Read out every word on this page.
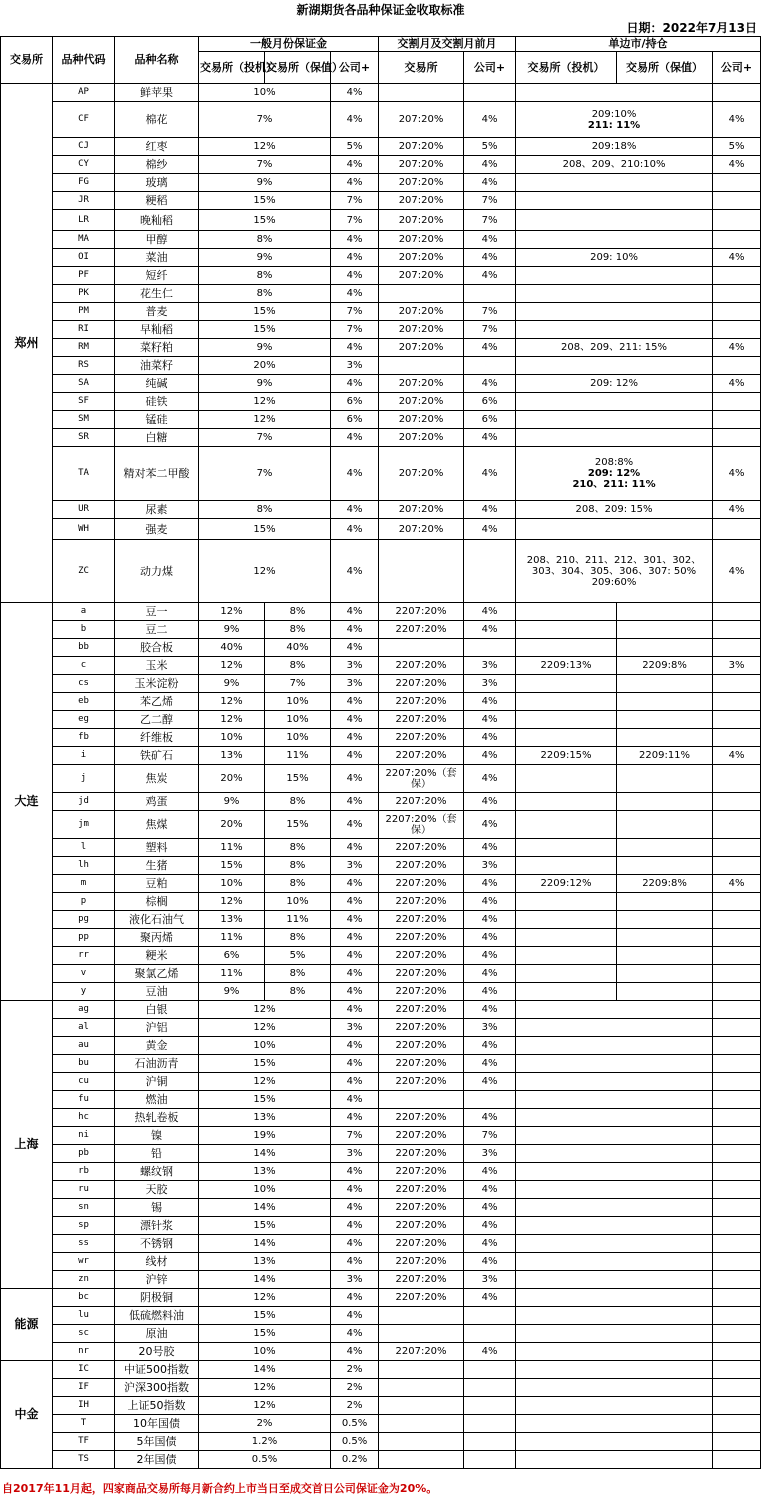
新湖期货各品种保证金收取标准
日期：2022年7月13日
交易所	品种代码	品种名称	一般月份保证金			交割月及交割月前月		单边市/持仓		
			交易所（投机）	交易所（保值）	公司+	交易所	公司+	交易所（投机）	交易所（保值）	公司+
郑州	AP	鲜苹果	10%		4%					
	CF	棉花	7%		4%	207:20%	4%	209:10%
211: 11%		4%
	CJ	红枣	12%		5%	207:20%	5%	209:18%		5%
	CY	棉纱	7%		4%	207:20%	4%	208、209、210:10%		4%
	FG	玻璃	9%		4%	207:20%	4%			
	JR	粳稻	15%		7%	207:20%	7%			
	LR	晚籼稻	15%		7%	207:20%	7%			
	MA	甲醇	8%		4%	207:20%	4%			
	OI	菜油	9%		4%	207:20%	4%	209: 10%		4%
	PF	短纤	8%		4%	207:20%	4%			
	PK	花生仁	8%		4%					
	PM	普麦	15%		7%	207:20%	7%			
	RI	早籼稻	15%		7%	207:20%	7%			
	RM	菜籽粕	9%		4%	207:20%	4%	208、209、211: 15%		4%
	RS	油菜籽	20%		3%					
	SA	纯碱	9%		4%	207:20%	4%	209: 12%		4%
	SF	硅铁	12%		6%	207:20%	6%			
	SM	锰硅	12%		6%	207:20%	6%			
	SR	白糖	7%		4%	207:20%	4%			
	TA	精对苯二甲酸	7%		4%	207:20%	4%	208:8%
209: 12%
210、211: 11%		4%
	UR	尿素	8%		4%	207:20%	4%	208、209: 15%		4%
	WH	强麦	15%		4%	207:20%	4%			
	ZC	动力煤	12%		4%			208、210、211、212、301、302、
303、304、305、306、307: 50%
209:60%		4%
大连	a	豆一	12%	8%	4%	2207:20%	4%			
	b	豆二	9%	8%	4%	2207:20%	4%			
	bb	胶合板	40%	40%	4%					
	c	玉米	12%	8%	3%	2207:20%	3%	2209:13%	2209:8%	3%
	cs	玉米淀粉	9%	7%	3%	2207:20%	3%			
	eb	苯乙烯	12%	10%	4%	2207:20%	4%			
	eg	乙二醇	12%	10%	4%	2207:20%	4%			
	fb	纤维板	10%	10%	4%	2207:20%	4%			
	i	铁矿石	13%	11%	4%	2207:20%	4%	2209:15%	2209:11%	4%
	j	焦炭	20%	15%	4%	2207:20%（套保）	4%			
	jd	鸡蛋	9%	8%	4%	2207:20%	4%			
	jm	焦煤	20%	15%	4%	2207:20%（套保）	4%			
	l	塑料	11%	8%	4%	2207:20%	4%			
	lh	生猪	15%	8%	3%	2207:20%	3%			
	m	豆粕	10%	8%	4%	2207:20%	4%	2209:12%	2209:8%	4%
	p	棕榈	12%	10%	4%	2207:20%	4%			
	pg	液化石油气	13%	11%	4%	2207:20%	4%			
	pp	聚丙烯	11%	8%	4%	2207:20%	4%			
	rr	粳米	6%	5%	4%	2207:20%	4%			
	v	聚氯乙烯	11%	8%	4%	2207:20%	4%			
	y	豆油	9%	8%	4%	2207:20%	4%			
上海	ag	白银	12%		4%	2207:20%	4%			
	al	沪铝	12%		3%	2207:20%	3%			
	au	黄金	10%		4%	2207:20%	4%			
	bu	石油沥青	15%		4%	2207:20%	4%			
	cu	沪铜	12%		4%	2207:20%	4%			
	fu	燃油	15%		4%					
	hc	热轧卷板	13%		4%	2207:20%	4%			
	ni	镍	19%		7%	2207:20%	7%			
	pb	铅	14%		3%	2207:20%	3%			
	rb	螺纹钢	13%		4%	2207:20%	4%			
	ru	天胶	10%		4%	2207:20%	4%			
	sn	锡	14%		4%	2207:20%	4%			
	sp	漂针浆	15%		4%	2207:20%	4%			
	ss	不锈钢	14%		4%	2207:20%	4%			
	wr	线材	13%		4%	2207:20%	4%			
	zn	沪锌	14%		3%	2207:20%	3%			
能源	bc	阴极铜	12%		4%	2207:20%	4%			
	lu	低硫燃料油	15%		4%					
	sc	原油	15%		4%					
	nr	20号胶	10%		4%	2207:20%	4%			
中金	IC	中证500指数	14%		2%					
	IF	沪深300指数	12%		2%					
	IH	上证50指数	12%		2%					
	T	10年国债	2%		0.5%					
	TF	5年国债	1.2%		0.5%					
	TS	2年国债	0.5%		0.2%					
自2017年11月起，四家商品交易所每月新合约上市当日至成交首日公司保证金为20%。
